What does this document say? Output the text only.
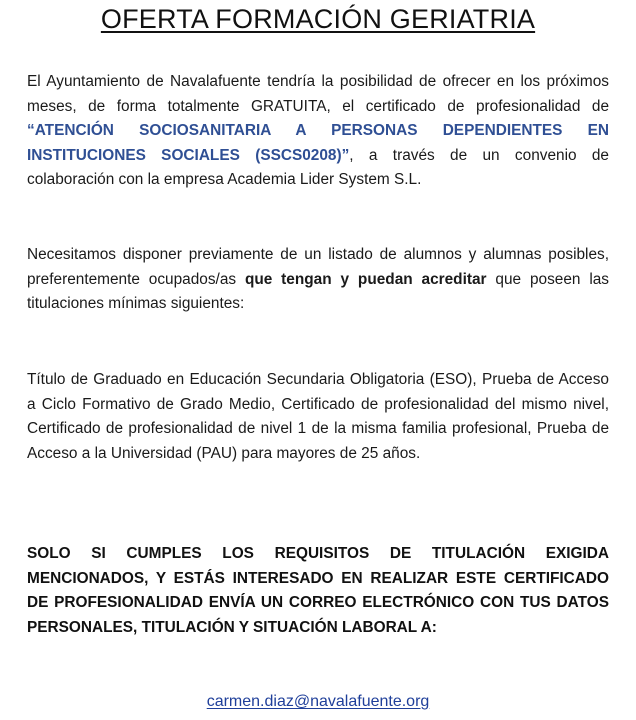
OFERTA FORMACIÓN GERIATRIA

El Ayuntamiento de Navalafuente tendría la posibilidad de ofrecer en los próximos meses, de forma totalmente GRATUITA, el certificado de profesionalidad de “ATENCIÓN SOCIOSANITARIA A PERSONAS DEPENDIENTES EN INSTITUCIONES SOCIALES (SSCS0208)”, a través de un convenio de colaboración con la empresa Academia Lider System S.L.

Necesitamos disponer previamente de un listado de alumnos y alumnas posibles, preferentemente ocupados/as que tengan y puedan acreditar que poseen las titulaciones mínimas siguientes:

Título de Graduado en Educación Secundaria Obligatoria (ESO), Prueba de Acceso a Ciclo Formativo de Grado Medio, Certificado de profesionalidad del mismo nivel, Certificado de profesionalidad de nivel 1 de la misma familia profesional, Prueba de Acceso a la Universidad (PAU) para mayores de 25 años.

SOLO SI CUMPLES LOS REQUISITOS DE TITULACIÓN EXIGIDA MENCIONADOS, Y ESTÁS INTERESADO EN REALIZAR ESTE CERTIFICADO DE PROFESIONALIDAD ENVÍA UN CORREO ELECTRÓNICO CON TUS DATOS PERSONALES, TITULACIÓN Y SITUACIÓN LABORAL A:

carmen.diaz@navalafuente.org
